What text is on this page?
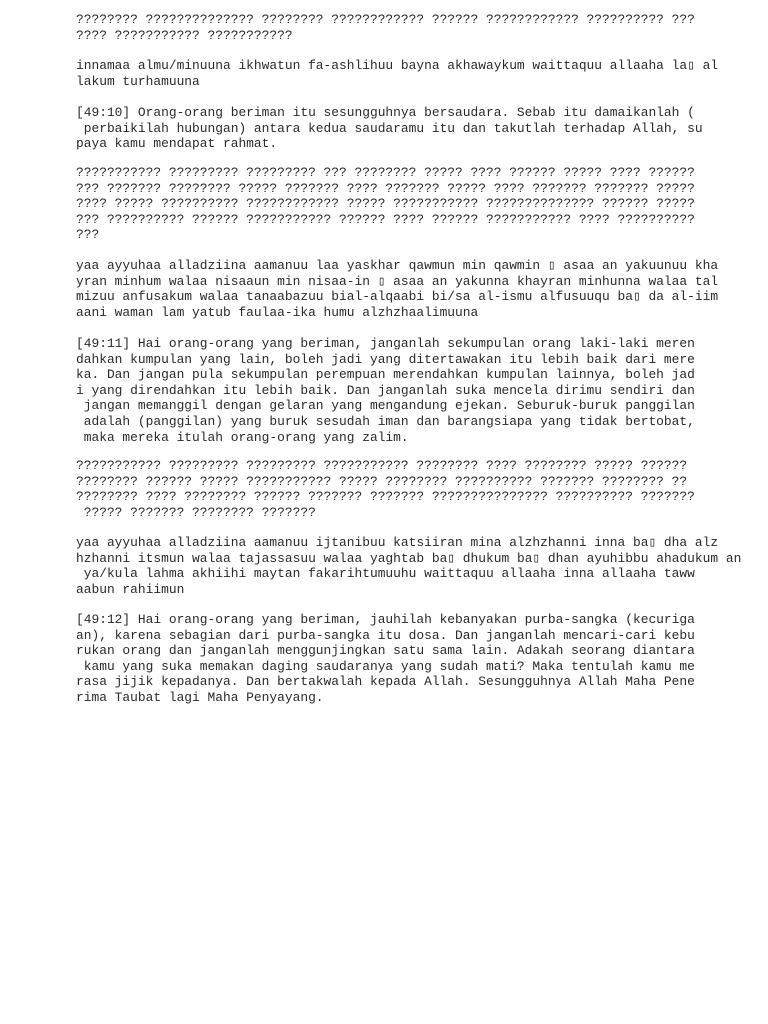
???????? ?????????????? ???????? ???????????? ?????? ???????????? ?????????? ???
???? ??????????? ???????????
innamaa almu/minuuna ikhwatun fa-ashlihuu bayna akhawaykum waittaquu allaaha la▯ al
lakum turhamuuna
[49:10] Orang-orang beriman itu sesungguhnya bersaudara. Sebab itu damaikanlah (
perbaikilah hubungan) antara kedua saudaramu itu dan takutlah terhadap Allah, su
paya kamu mendapat rahmat.
??????????? ????????? ????????? ??? ???????? ????? ???? ?????? ????? ???? ??????
??? ??????? ???????? ????? ??????? ???? ??????? ????? ???? ??????? ??????? ?????
???? ????? ?????????? ???????????? ????? ??????????? ?????????????? ?????? ?????
??? ?????????? ?????? ??????????? ?????? ???? ?????? ??????????? ???? ??????????
???
yaa ayyuhaa alladziina aamanuu laa yaskhar qawmun min qawmin ▯ asaa an yakuunuu kha
yran minhum walaa nisaaun min nisaa-in ▯ asaa an yakunna khayran minhunna walaa tal
mizuu anfusakum walaa tanaabazuu bial-alqaabi bi/sa al-ismu alfusuuqu ba▯ da al-iim
aani waman lam yatub faulaa-ika humu alzhzhaalimuuna
[49:11] Hai orang-orang yang beriman, janganlah sekumpulan orang laki-laki meren
dahkan kumpulan yang lain, boleh jadi yang ditertawakan itu lebih baik dari mere
ka. Dan jangan pula sekumpulan perempuan merendahkan kumpulan lainnya, boleh jad
i yang direndahkan itu lebih baik. Dan janganlah suka mencela dirimu sendiri dan
jangan memanggil dengan gelaran yang mengandung ejekan. Seburuk-buruk panggilan
adalah (panggilan) yang buruk sesudah iman dan barangsiapa yang tidak bertobat,
maka mereka itulah orang-orang yang zalim.
??????????? ????????? ????????? ??????????? ???????? ???? ???????? ????? ??????
???????? ?????? ????? ??????????? ????? ???????? ?????????? ??????? ???????? ??
???????? ???? ???????? ?????? ??????? ??????? ??????????????? ?????????? ???????
????? ??????? ???????? ???????
yaa ayyuhaa alladziina aamanuu ijtanibuu katsiiran mina alzhzhanni inna ba▯ dha alz
hzhanni itsmun walaa tajassasuu walaa yaghtab ba▯ dhukum ba▯ dhan ayuhibbu ahadukum an
ya/kula lahma akhiihi maytan fakarihtumuuhu waittaquu allaaha inna allaaha taww
aabun rahiimun
[49:12] Hai orang-orang yang beriman, jauhilah kebanyakan purba-sangka (kecuriga
an), karena sebagian dari purba-sangka itu dosa. Dan janganlah mencari-cari kebu
rukan orang dan janganlah menggunjingkan satu sama lain. Adakah seorang diantara
kamu yang suka memakan daging saudaranya yang sudah mati? Maka tentulah kamu me
rasa jijik kepadanya. Dan bertakwalah kepada Allah. Sesungguhnya Allah Maha Pene
rima Taubat lagi Maha Penyayang.
